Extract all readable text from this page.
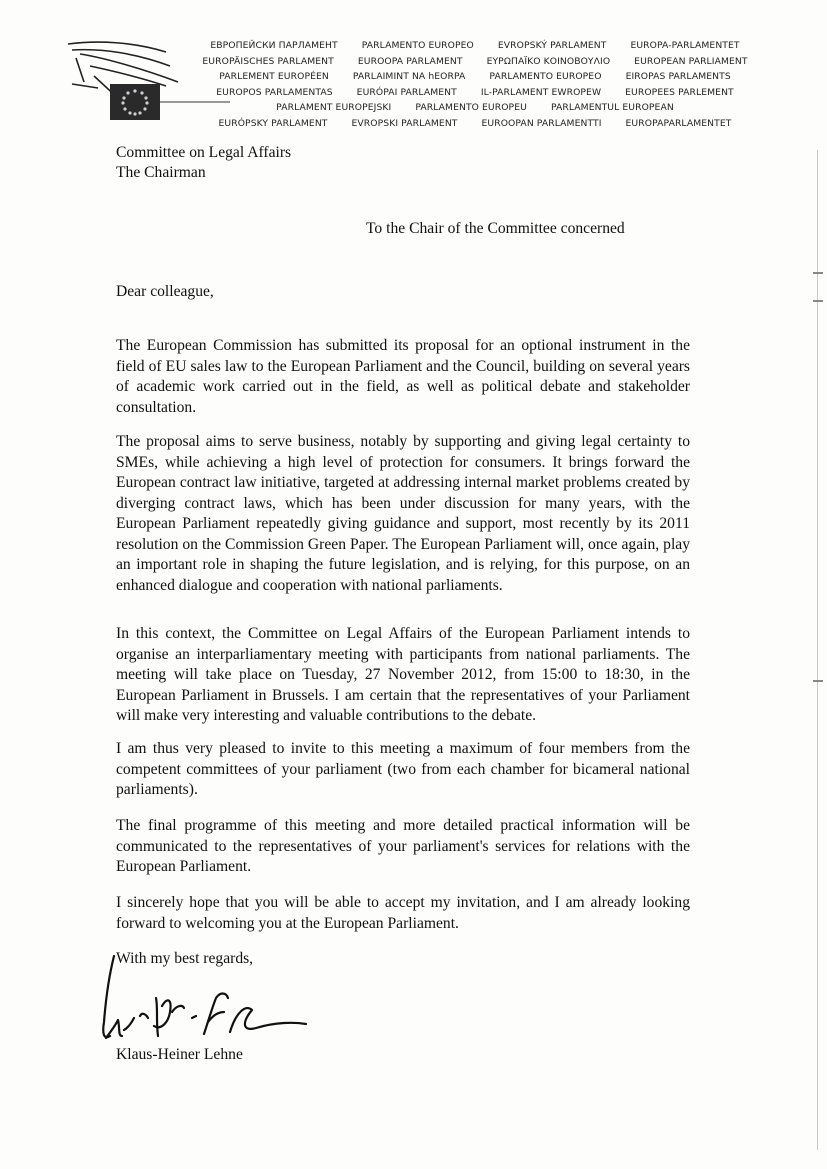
ЕВРОПЕЙСКИ ПАРЛАМЕНТ	PARLAMENTO EUROPEO	EVROPSKÝ PARLAMENT	EUROPA-PARLAMENTET
EUROPÄISCHES PARLAMENT	EUROOPA PARLAMENT	ΕΥΡΩΠΑΪΚΟ ΚΟΙΝΟΒΟΥΛΙΟ	EUROPEAN PARLIAMENT
PARLEMENT EUROPÉEN	PARLAIMINT NA hEORPA	PARLAMENTO EUROPEO	EIROPAS PARLAMENTS
EUROPOS PARLAMENTAS	EURÓPAI PARLAMENT	IL-PARLAMENT EWROPEW	EUROPEES PARLEMENT
PARLAMENT EUROPEJSKI	PARLAMENTO EUROPEU	PARLAMENTUL EUROPEAN
EURÓPSKY PARLAMENT	EVROPSKI PARLAMENT	EUROOPAN PARLAMENTTI	EUROPAPARLAMENTET
Committee on Legal Affairs
The Chairman
To the Chair of the Committee concerned
Dear colleague,

The European Commission has submitted its proposal for an optional instrument in the field of EU sales law to the European Parliament and the Council, building on several years of academic work carried out in the field, as well as political debate and stakeholder consultation.

The proposal aims to serve business, notably by supporting and giving legal certainty to SMEs, while achieving a high level of protection for consumers. It brings forward the European contract law initiative, targeted at addressing internal market problems created by diverging contract laws, which has been under discussion for many years, with the European Parliament repeatedly giving guidance and support, most recently by its 2011 resolution on the Commission Green Paper. The European Parliament will, once again, play an important role in shaping the future legislation, and is relying, for this purpose, on an enhanced dialogue and cooperation with national parliaments.

In this context, the Committee on Legal Affairs of the European Parliament intends to organise an interparliamentary meeting with participants from national parliaments. The meeting will take place on Tuesday, 27 November 2012, from 15:00 to 18:30, in the European Parliament in Brussels. I am certain that the representatives of your Parliament will make very interesting and valuable contributions to the debate.

I am thus very pleased to invite to this meeting a maximum of four members from the competent committees of your parliament (two from each chamber for bicameral national parliaments).

The final programme of this meeting and more detailed practical information will be communicated to the representatives of your parliament's services for relations with the European Parliament.

I sincerely hope that you will be able to accept my invitation, and I am already looking forward to welcoming you at the European Parliament.

With my best regards,
Klaus-Heiner Lehne
